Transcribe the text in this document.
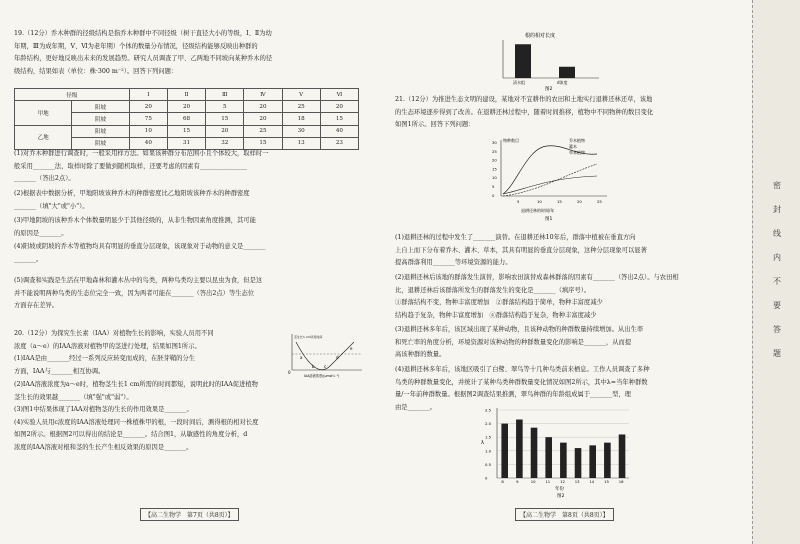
19.（12分）乔木种群的径级结构是指乔木种群中不同径级（树干直径大小的等级，Ⅰ、Ⅱ为幼

年期，Ⅲ为成年期，Ⅴ、Ⅵ为老年期）个体的数量分布情况，径级结构能够反映出种群的

年龄结构，更好地反映出未来的发展趋势。研究人员调查了甲、乙两地不同坡向某种乔木的径

级结构，结果如表（单位：株·300 m⁻²）。回答下列问题：

径级		Ⅰ	Ⅱ	Ⅲ	Ⅳ	Ⅴ	Ⅵ
甲地	阳坡	20	20	5	20	25	20
	阴坡	75	68	15	20	18	15
乙地	阳坡	10	15	20	25	30	40
	阴坡	40	31	32	15	13	23

(1)对乔木种群进行调查时，一般采用样方法。如果该种群分布范围小且个体较大，取样时一

般采用_______法，取样时除了要做到随机取样，还要考虑的因素有_______________

_______（答出2点）。

(2)根据表中数据分析，甲地阳坡该种乔木的种群密度比乙地阳坡该种乔木的种群密度

_______（填"大"或"小"）。

(3)甲地阴坡的该种乔木个体数量明显少于其他径级的，从非生物因素角度推测，其可能

的原因是_______。

(4)阳坡或阴坡的乔木等植物均具有明显的垂直分层现象，该现象对于动物的意义是_______

_______。

(5)调查和实践是生活在甲地森林和灌木丛中的鸟类，两种鸟类均主要以昆虫为食，但是这

并不能说明两种鸟类的生态位完全一致，因为两者可能在_______（答出2点）等生态位

方面存在差异。

20.（12分）为探究生长素（IAA）对植物生长的影响，实验人员用不同

浓度（a～e）的IAA溶液对植物甲的茎进行处理，结果如图1所示。

(1)IAA是由_______经过一系列反应转变而成的，在胚芽鞘的分生

方面，IAA与_______相互协调。

(2)IAA溶液浓度为a～e时，植物茎生长1 cm所需的时间都短，说明此时的IAA促进植物

茎生长的效果越_______（填"强"或"弱"）。

(3)图1中结果体现了IAA对植物茎的生长的作用效果是_______。

(4)实验人员用c浓度的IAA溶液处理同一株植株甲的根，一段时间后，测得根的相对长度

如图2所示。根据图2可以得出的结论是_______。结合图1，从敏感性的角度分析，d

浓度的IAA溶液对根和茎的生长产生相反效果的原因是_______。

a
b c
d
e
0
IAA溶液浓度/(μmol·L⁻¹)
茎生长1 cm所需时间
【高二生物学　第7页（共8页）】
根的相对长度
清水组	d浓度
图2

21.（12分）为推进生态文明的建设，某地对不宜耕作的农田和土地实行退耕还林还草，该地

的生态环境逐步得到了改善。在退耕还林过程中，随着时间推移，植物中不同物种的数目变化

如图1所示。回答下列问题：

30
25
20
15
10
5
0
5	10	15	20	25
物种数目	乔木植物
灌木
草本植物
退耕还林的时间/年
图1

(1)退耕还林的过程中发生了_______演替。在退耕还林10年后，群落中植被在垂直方向

上自上而下分布着乔木、灌木、草本，其具有明显的垂直分层现象，这种分层现象可以显著

提高群落利用_______等环境资源的能力。

(2)退耕还林后该地的群落发生演替，影响农田演替成森林群落的因素有_______（答出2点）。与农田相

比，退耕还林后该群落所发生的群落发生的变化是_______（填序号）。

①群落结构不变，物种丰富度增加　②群落结构趋于简单，物种丰富度减少

结构趋于复杂，物种丰富度增加　④群落结构趋于复杂，物种丰富度减少

(3)退耕还林多年后，该区域出现了某种动物，且该种动物的种群数量持续增加。从出生率

和死亡率的角度分析，环境资源对该种动物的种群数量变化的影响是_______，从而提

高该种群的数量。

(4)退耕还林多年后，该地区吸引了白鹭、翠鸟等十几种鸟类前来栖息。工作人员调查了多种

鸟类的种群数量变化，并统计了某种鸟类种群数量变化情况如图2所示，其中λ=当年种群数

量/一年前种群数量。根据图2调查结果推测，翠鸟种群的年龄组成属于_______型，理

由是_______。	2.5
2.0
1.5
1.0
0.5
0
8	9	10	11	12	13	14	15	16
λ
年份
图2
【高二生物学　第8页（共8页）】
密
封
线
内
不
要
答
题
